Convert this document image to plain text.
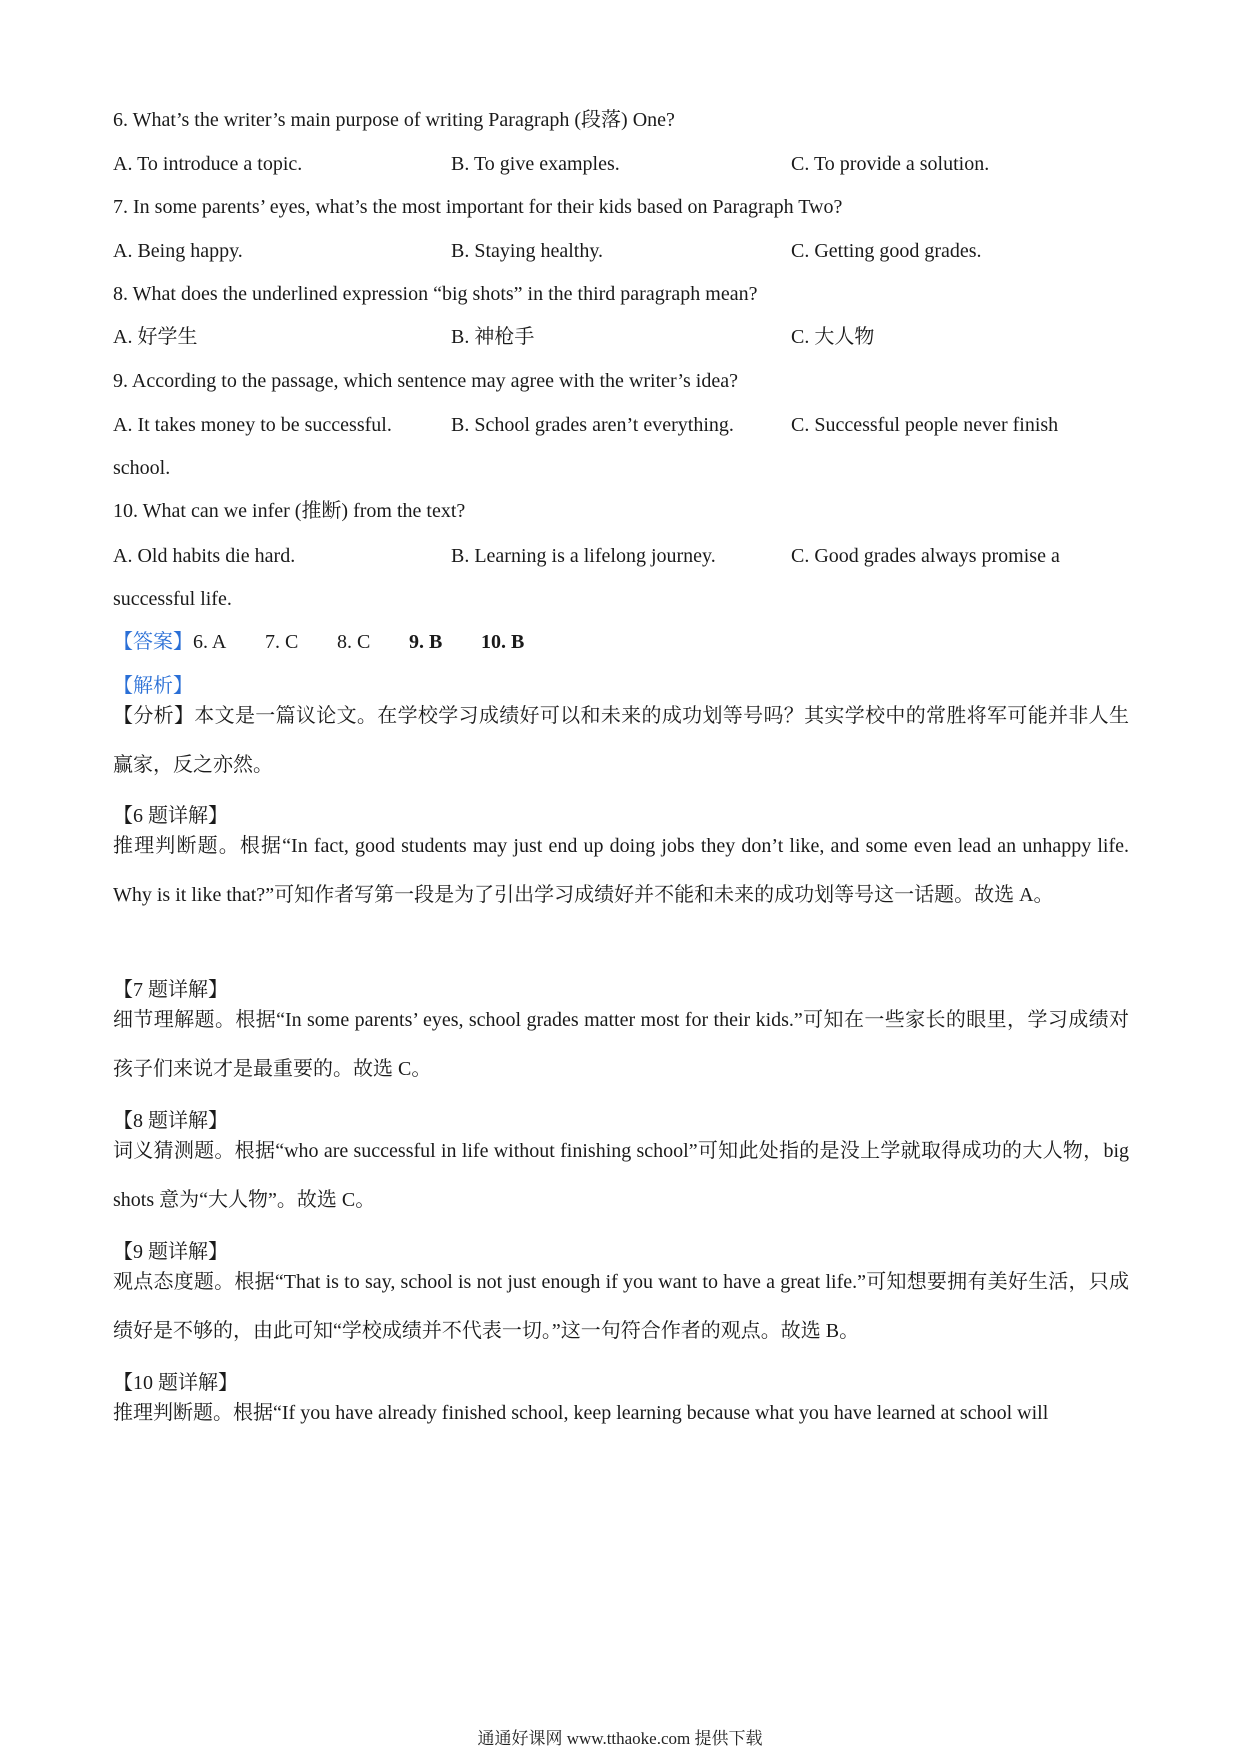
6. What’s the writer’s main purpose of writing Paragraph (段落) One?
A. To introduce a topic.	B. To give examples.	C. To provide a solution.
7. In some parents’ eyes, what’s the most important for their kids based on Paragraph Two?
A. Being happy.	B. Staying healthy.	C. Getting good grades.
8. What does the underlined expression “big shots” in the third paragraph mean?
A. 好学生	B. 神枪手	C. 大人物
9. According to the passage, which sentence may agree with the writer’s idea?
A. It takes money to be successful.	B. School grades aren’t everything.	C. Successful people never finish
school.
10. What can we infer (推断) from the text?
A. Old habits die hard.	B. Learning is a lifelong journey.	C. Good grades always promise a
successful life.
【答案】6. A 7. C 8. C 9. B 10. B
【解析】
【分析】本文是一篇议论文。在学校学习成绩好可以和未来的成功划等号吗？其实学校中的常胜将军可能并非人生赢家，反之亦然。
【6 题详解】
推理判断题。根据“In fact, good students may just end up doing jobs they don’t like, and some even lead an unhappy life. Why is it like that?”可知作者写第一段是为了引出学习成绩好并不能和未来的成功划等号这一话题。故选 A。
【7 题详解】
细节理解题。根据“In some parents’ eyes, school grades matter most for their kids.”可知在一些家长的眼里，学习成绩对孩子们来说才是最重要的。故选 C。
【8 题详解】
词义猜测题。根据“who are successful in life without finishing school”可知此处指的是没上学就取得成功的大人物，big shots 意为“大人物”。故选 C。
【9 题详解】
观点态度题。根据“That is to say, school is not just enough if you want to have a great life.”可知想要拥有美好生活，只成绩好是不够的，由此可知“学校成绩并不代表一切。”这一句符合作者的观点。故选 B。
【10 题详解】
推理判断题。根据“If you have already finished school, keep learning because what you have learned at school will
通通好课网 www.tthaoke.com 提供下载
